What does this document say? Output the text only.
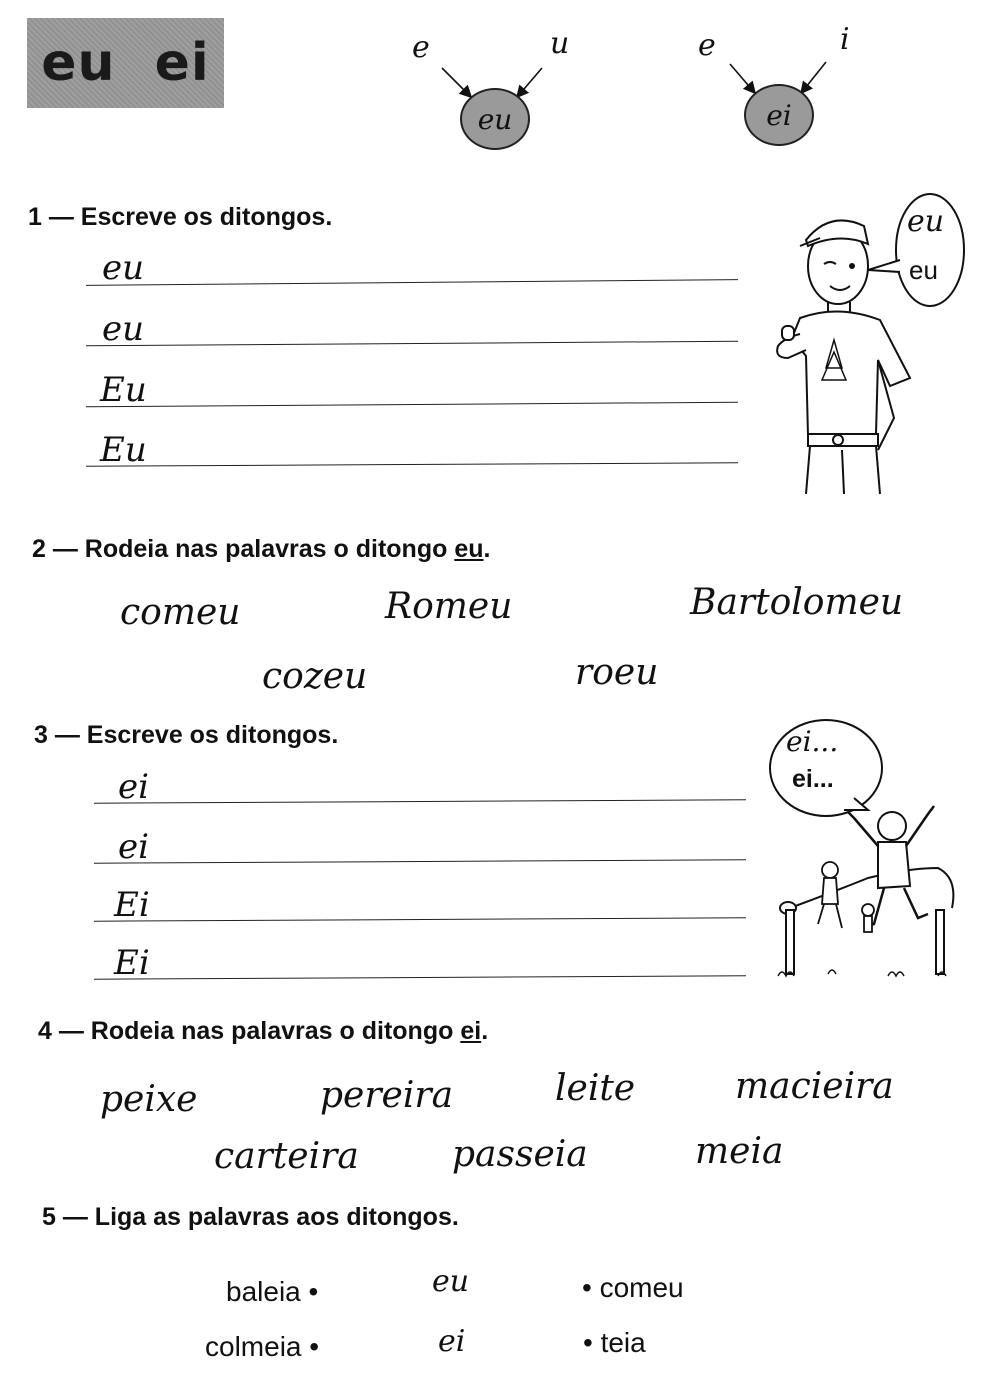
eu ei	e	u
eu
e	i
ei
1 — Escreve os ditongos.
eu
eu
Eu
Eu
eu
eu
2 — Rodeia nas palavras o ditongo eu.
comeu	Romeu	Bartolomeu
cozeu	roeu
3 — Escreve os ditongos.
ei
ei
Ei
Ei
ei...
ei...
4 — Rodeia nas palavras o ditongo ei.
peixe	pereira	leite	macieira
carteira	passeia	meia
5 — Liga as palavras aos ditongos.
baleia •
colmeia •
eu
ei
• comeu
• teia
